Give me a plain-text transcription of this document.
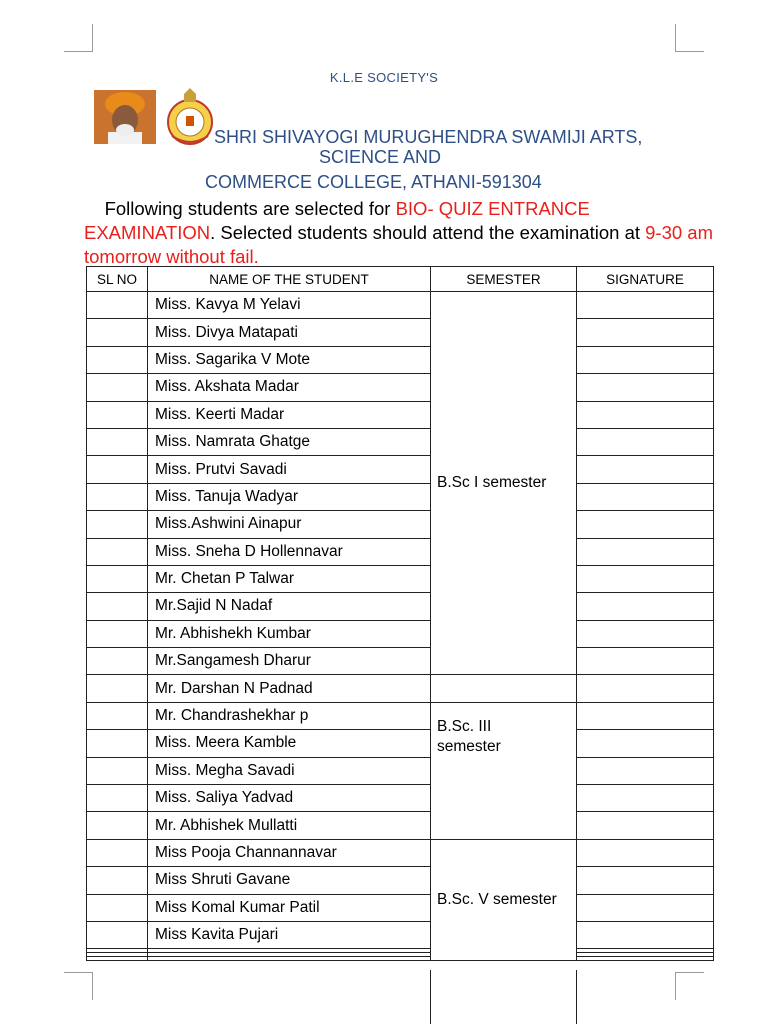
K.L.E SOCIETY'S
SHRI SHIVAYOGI MURUGHENDRA SWAMIJI ARTS,
SCIENCE AND
COMMERCE COLLEGE, ATHANI-591304
Following students are selected for BIO- QUIZ ENTRANCE EXAMINATION. Selected students should attend the examination at 9-30 am tomorrow without fail.
SL NO	NAME OF THE STUDENT	SEMESTER	SIGNATURE
	Miss. Kavya M Yelavi	B.Sc I semester	
	Miss. Divya Matapati		
	Miss. Sagarika V Mote		
	Miss. Akshata Madar		
	Miss. Keerti Madar		
	Miss. Namrata Ghatge		
	Miss. Prutvi Savadi		
	Miss. Tanuja Wadyar		
	Miss.Ashwini Ainapur		
	Miss. Sneha D Hollennavar		
	Mr. Chetan P Talwar		
	Mr.Sajid N Nadaf		
	Mr. Abhishekh Kumbar		
	Mr.Sangamesh Dharur		
	Mr. Darshan N Padnad		
	Mr. Chandrashekhar p	B.Sc. III semester	

	Miss. Meera Kamble		
	Miss. Megha Savadi		
	Miss. Saliya Yadvad		
	Mr. Abhishek Mullatti		
	Miss Pooja Channannavar	B.Sc. V semester	
	Miss Shruti Gavane		
	Miss Komal Kumar Patil		
	Miss Kavita Pujari		
